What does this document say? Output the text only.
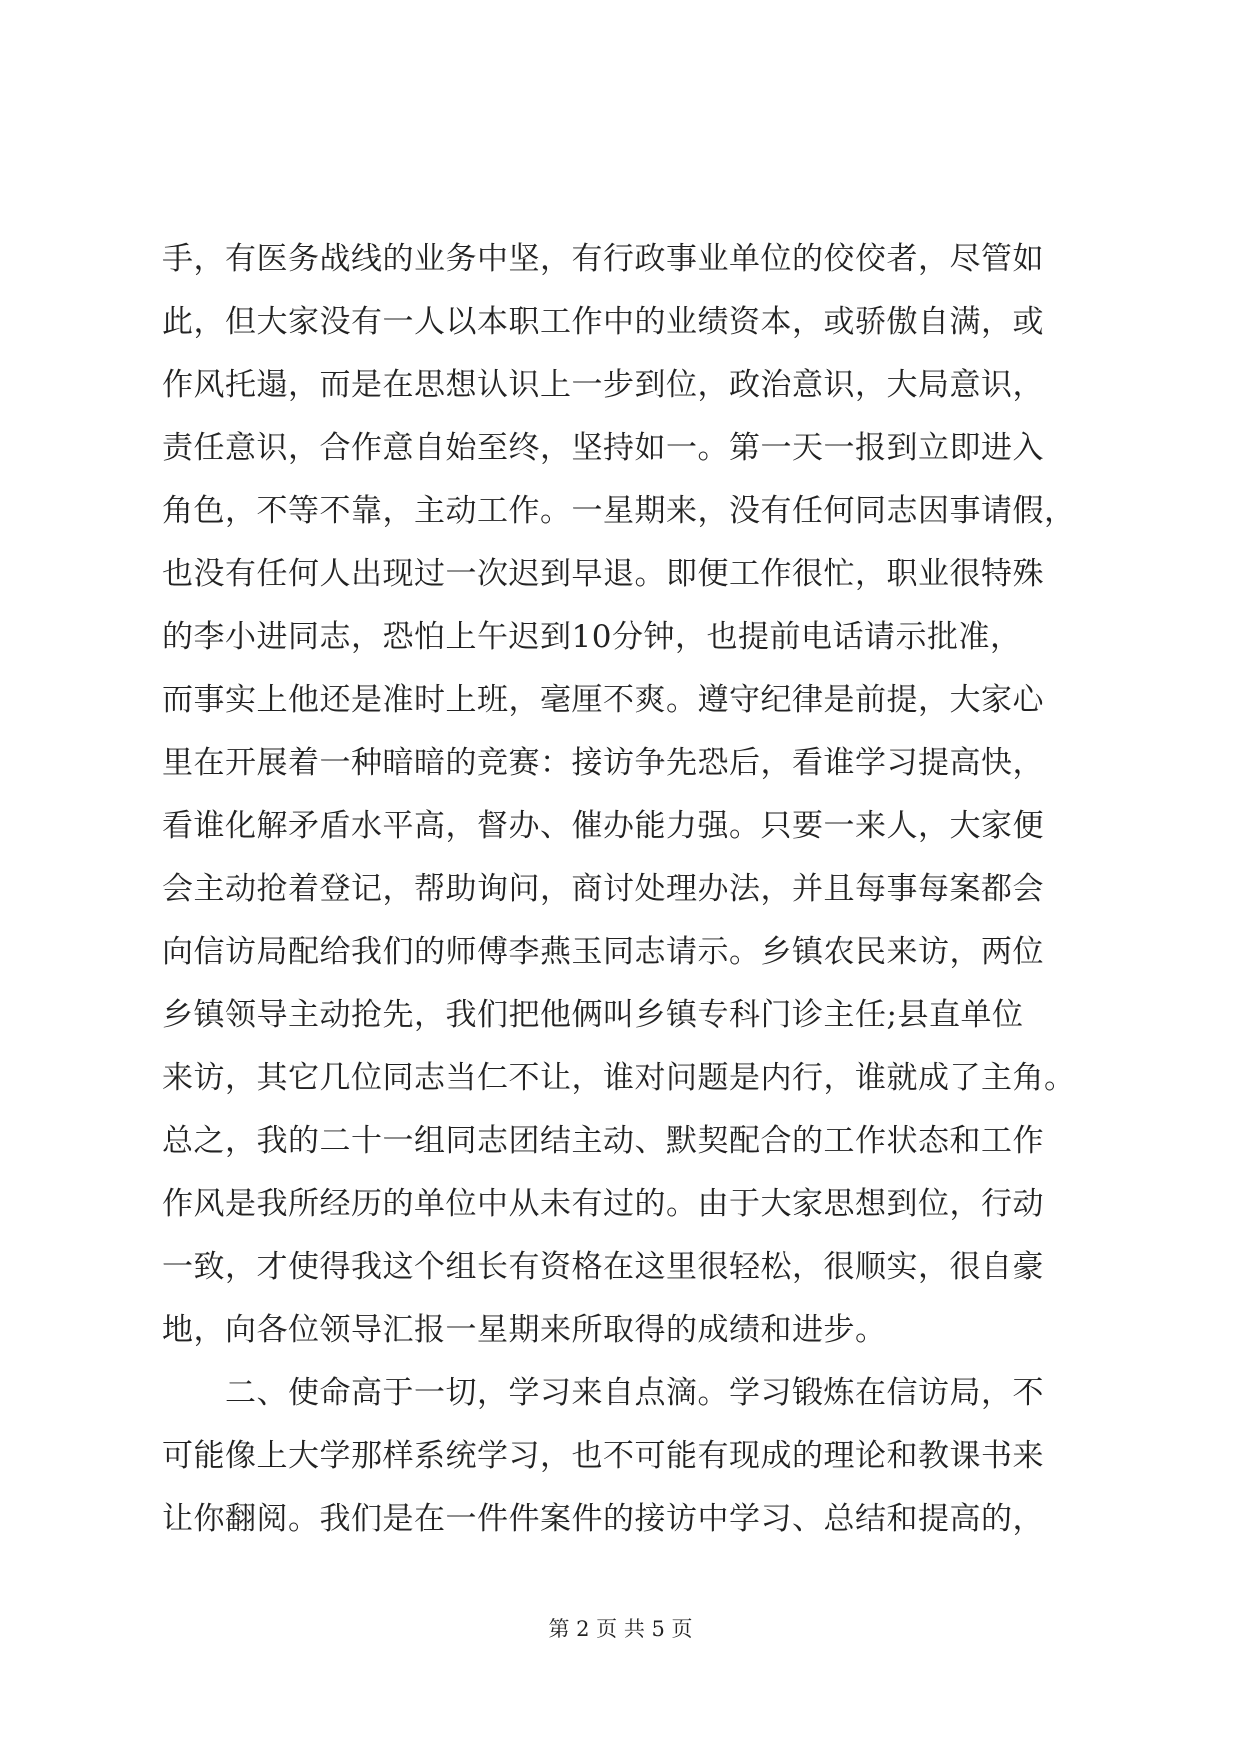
手，有医务战线的业务中坚，有行政事业单位的佼佼者，尽管如
此，但大家没有一人以本职工作中的业绩资本，或骄傲自满，或
作风托遢，而是在思想认识上一步到位，政治意识，大局意识，
责任意识，合作意自始至终，坚持如一。第一天一报到立即进入
角色，不等不靠，主动工作。一星期来，没有任何同志因事请假，
也没有任何人出现过一次迟到早退。即便工作很忙，职业很特殊
的李小进同志，恐怕上午迟到10分钟，也提前电话请示批准，
而事实上他还是准时上班，毫厘不爽。遵守纪律是前提，大家心
里在开展着一种暗暗的竞赛：接访争先恐后，看谁学习提高快，
看谁化解矛盾水平高，督办、催办能力强。只要一来人，大家便
会主动抢着登记，帮助询问，商讨处理办法，并且每事每案都会
向信访局配给我们的师傅李燕玉同志请示。乡镇农民来访，两位
乡镇领导主动抢先，我们把他俩叫乡镇专科门诊主任;县直单位
来访，其它几位同志当仁不让，谁对问题是内行，谁就成了主角。
总之，我的二十一组同志团结主动、默契配合的工作状态和工作
作风是我所经历的单位中从未有过的。由于大家思想到位，行动
一致，才使得我这个组长有资格在这里很轻松，很顺实，很自豪
地，向各位领导汇报一星期来所取得的成绩和进步。
二、使命高于一切，学习来自点滴。学习锻炼在信访局，不
可能像上大学那样系统学习，也不可能有现成的理论和教课书来
让你翻阅。我们是在一件件案件的接访中学习、总结和提高的，
第 2 页 共 5 页
